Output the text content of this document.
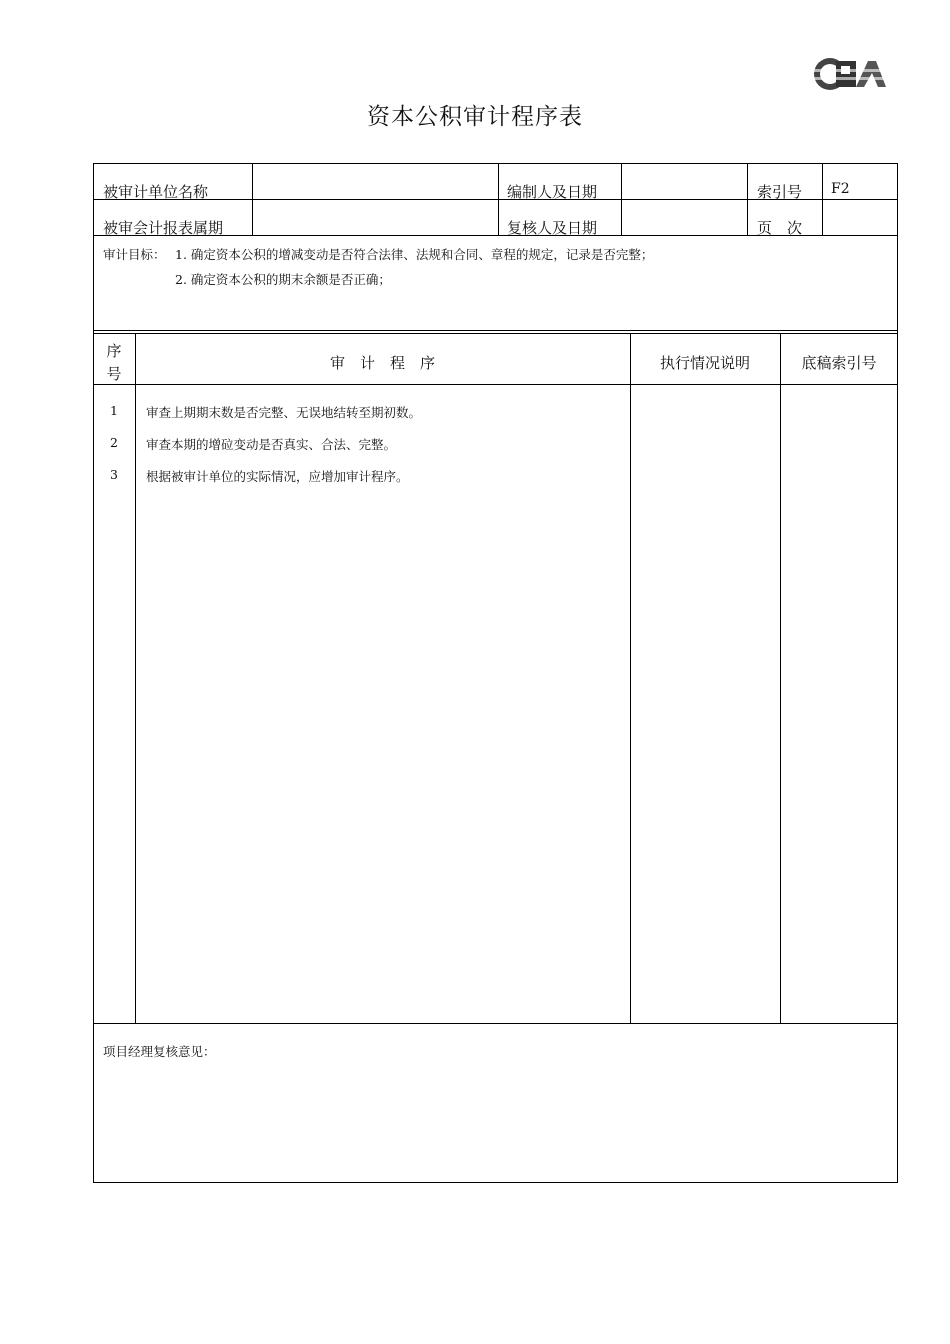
资本公积审计程序表
被审计单位名称	编制人及日期	索引号 F2
被审会计报表属期	复核人及日期	页　次
审计目标： 1. 确定资本公积的增减变动是否符合法律、法规和合同、章程的规定，记录是否完整；
2. 确定资本公积的期末余额是否正确；
序
号
审　计　程　序	执行情况说明	底稿索引号
1	审查上期期末数是否完整、无误地结转至期初数。
2	审查本期的增砬变动是否真实、合法、完整。
3	根据被审计单位的实际情况，应增加审计程序。
项目经理复核意见：
